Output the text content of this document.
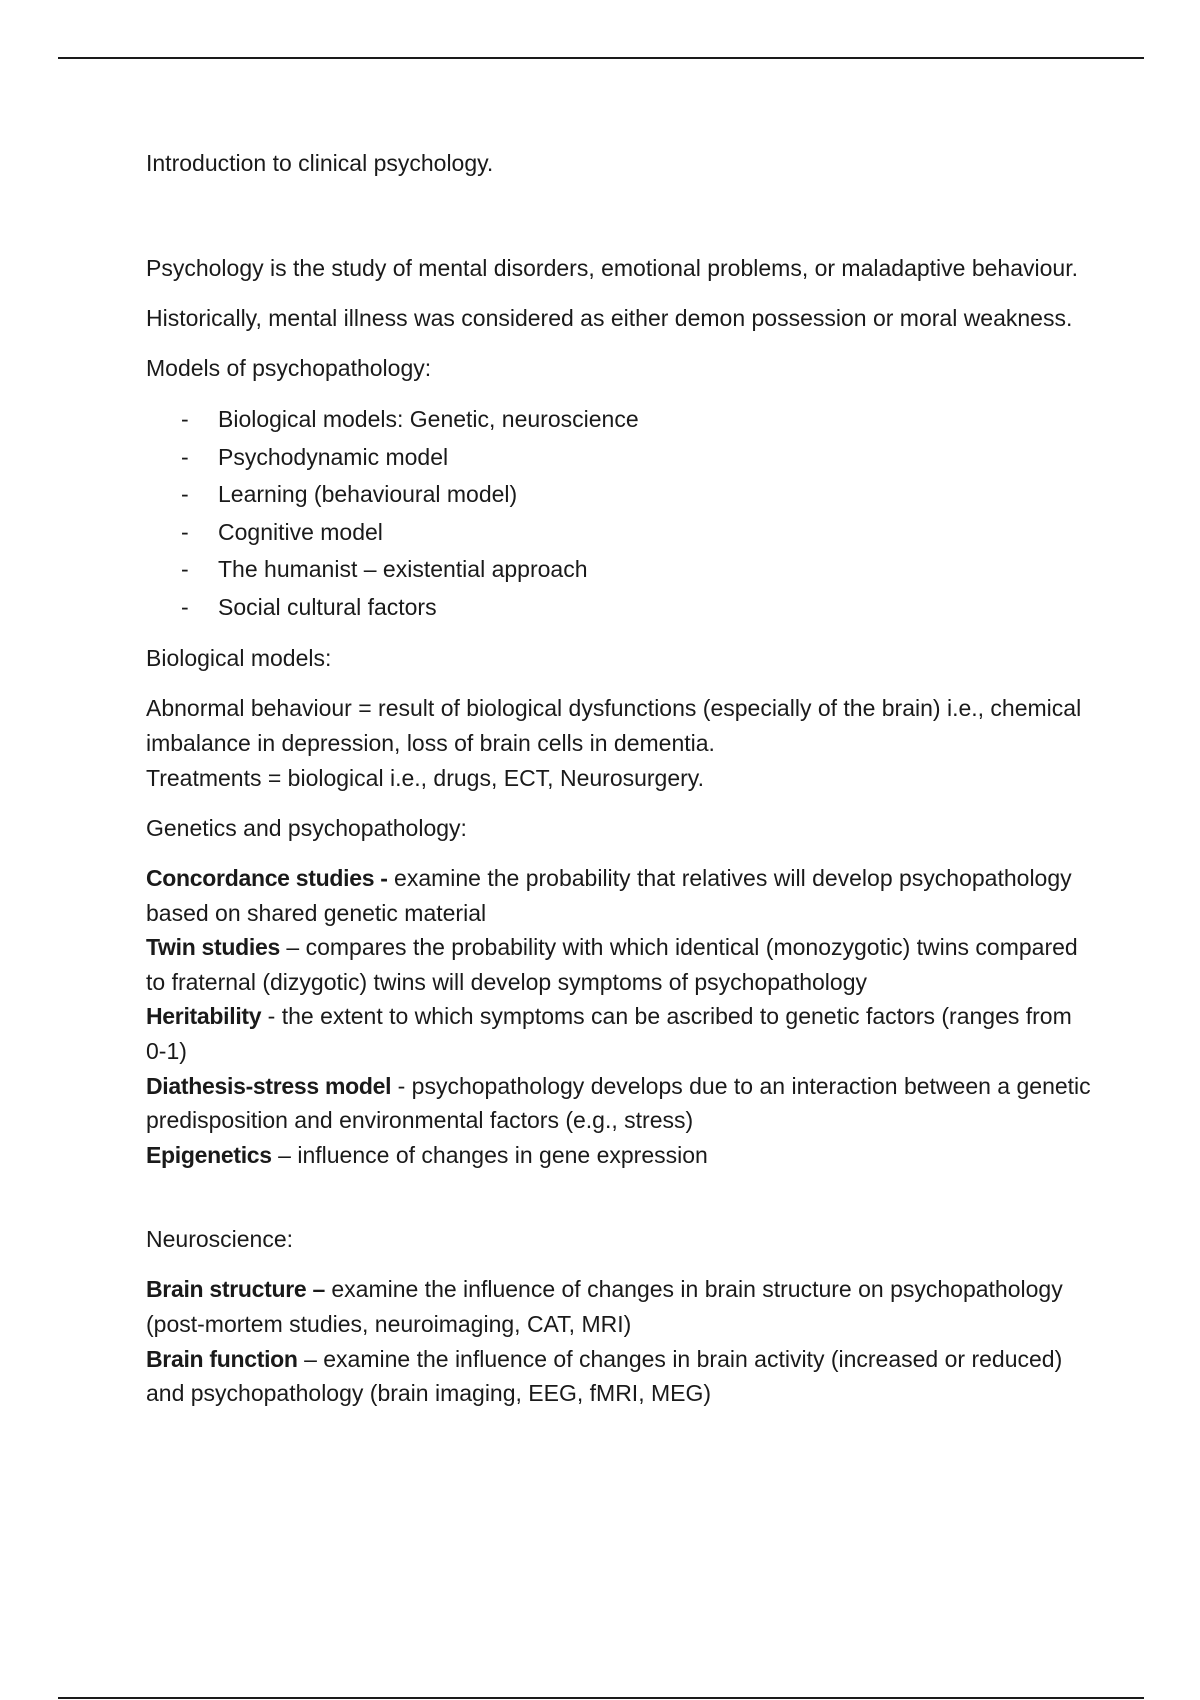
Introduction to clinical psychology.

Psychology is the study of mental disorders, emotional problems, or maladaptive behaviour.

Historically, mental illness was considered as either demon possession or moral weakness.

Models of psychopathology:

- Biological models: Genetic, neuroscience
- Psychodynamic model
- Learning (behavioural model)
- Cognitive model
- The humanist – existential approach
- Social cultural factors

Biological models:

Abnormal behaviour = result of biological dysfunctions (especially of the brain) i.e., chemical imbalance in depression, loss of brain cells in dementia.

Treatments = biological i.e., drugs, ECT, Neurosurgery.

Genetics and psychopathology:

Concordance studies - examine the probability that relatives will develop psychopathology based on shared genetic material

Twin studies – compares the probability with which identical (monozygotic) twins compared to fraternal (dizygotic) twins will develop symptoms of psychopathology

Heritability - the extent to which symptoms can be ascribed to genetic factors (ranges from 0-1)

Diathesis-stress model - psychopathology develops due to an interaction between a genetic predisposition and environmental factors (e.g., stress)

Epigenetics – influence of changes in gene expression

Neuroscience:

Brain structure – examine the influence of changes in brain structure on psychopathology (post-mortem studies, neuroimaging, CAT, MRI)

Brain function – examine the influence of changes in brain activity (increased or reduced) and psychopathology (brain imaging, EEG, fMRI, MEG)
